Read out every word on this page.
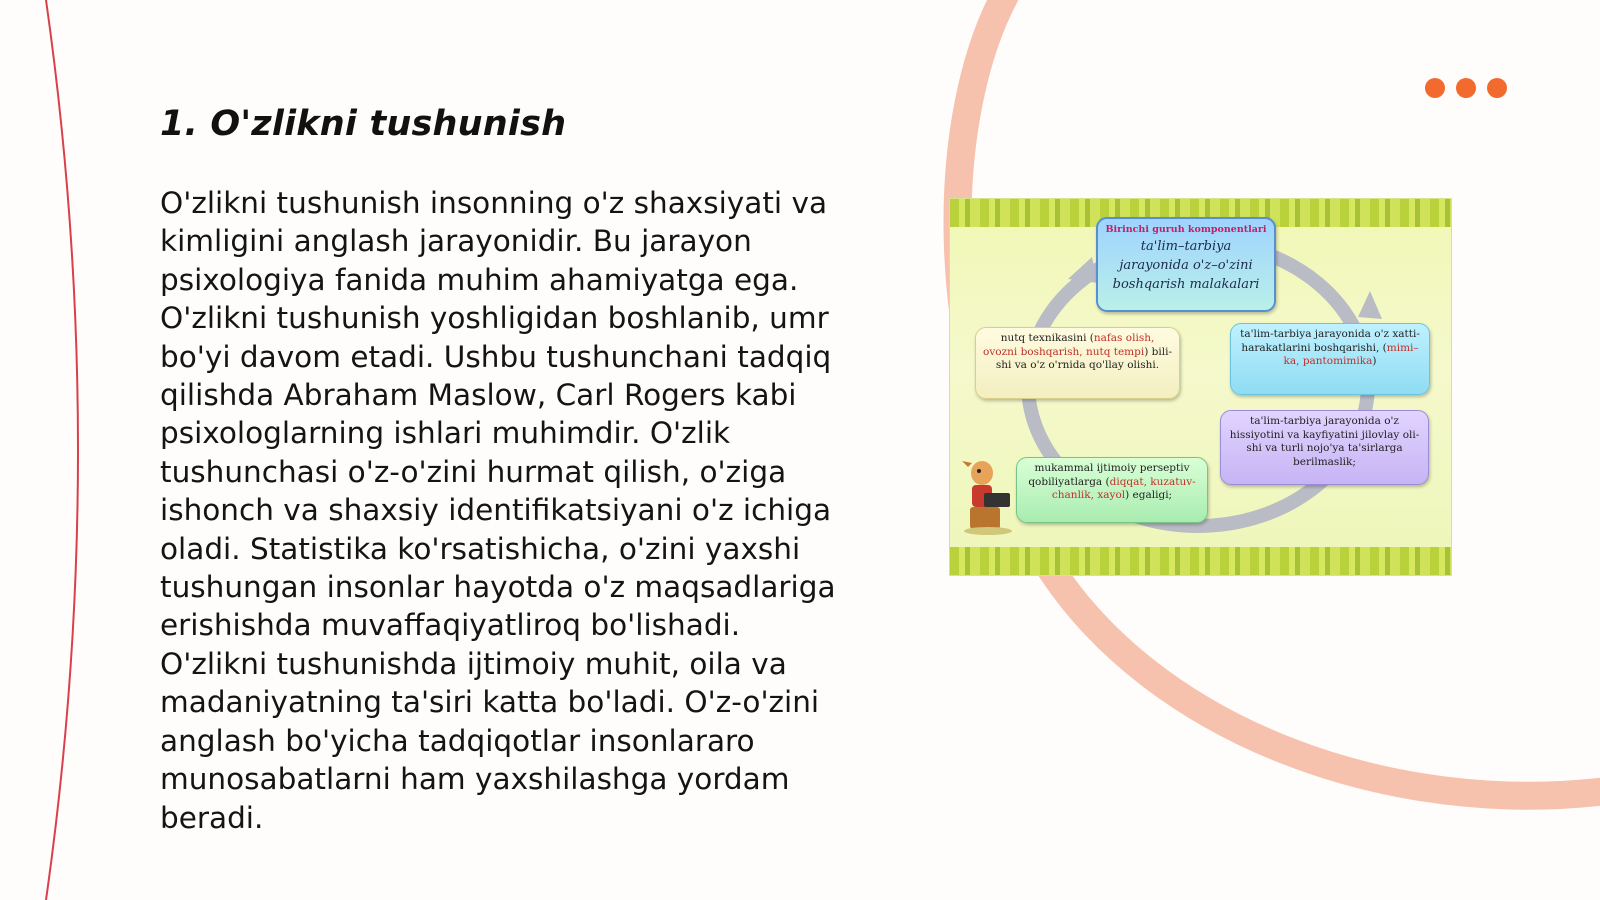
1. O'zlikni tushunish

O'zlikni tushunish insonning o'z shaxsiyati va kimligini anglash jarayonidir. Bu jarayon psixologiya fanida muhim ahamiyatga ega. O'zlikni tushunish yoshligidan boshlanib, umr bo'yi davom etadi. Ushbu tushunchani tadqiq qilishda Abraham Maslow, Carl Rogers kabi psixologlarning ishlari muhimdir. O'zlik tushunchasi o'z-o'zini hurmat qilish, o'ziga ishonch va shaxsiy identifikatsiyani o'z ichiga oladi. Statistika ko'rsatishicha, o'zini yaxshi tushungan insonlar hayotda o'z maqsadlariga erishishda muvaffaqiyatliroq bo'lishadi. O'zlikni tushunishda ijtimoiy muhit, oila va madaniyatning ta'siri katta bo'ladi. O'z-o'zini anglash bo'yicha tadqiqotlar insonlararo munosabatlarni ham yaxshilashga yordam beradi.

Birinchi guruh komponentlari
ta'lim–tarbiya jarayonida o'z–o'zini boshqarish malakalari
nutq texnikasini (nafas olish, ovozni boshqarish, nutq tempi) bili-shi va o'z o'rnida qo'llay olishi.
ta'lim-tarbiya jarayonida o'z xatti-harakatlarini boshqarishi, (mimi–ka, pantomimika)
ta'lim-tarbiya jarayonida o'z hissiyotini va kayfiyatini jilovlay oli-shi va turli nojo'ya ta'sirlarga berilmaslik;
mukammal ijtimoiy perseptiv qobiliyatlarga (diqqat, kuzatuv-chanlik, xayol) egaligi;
